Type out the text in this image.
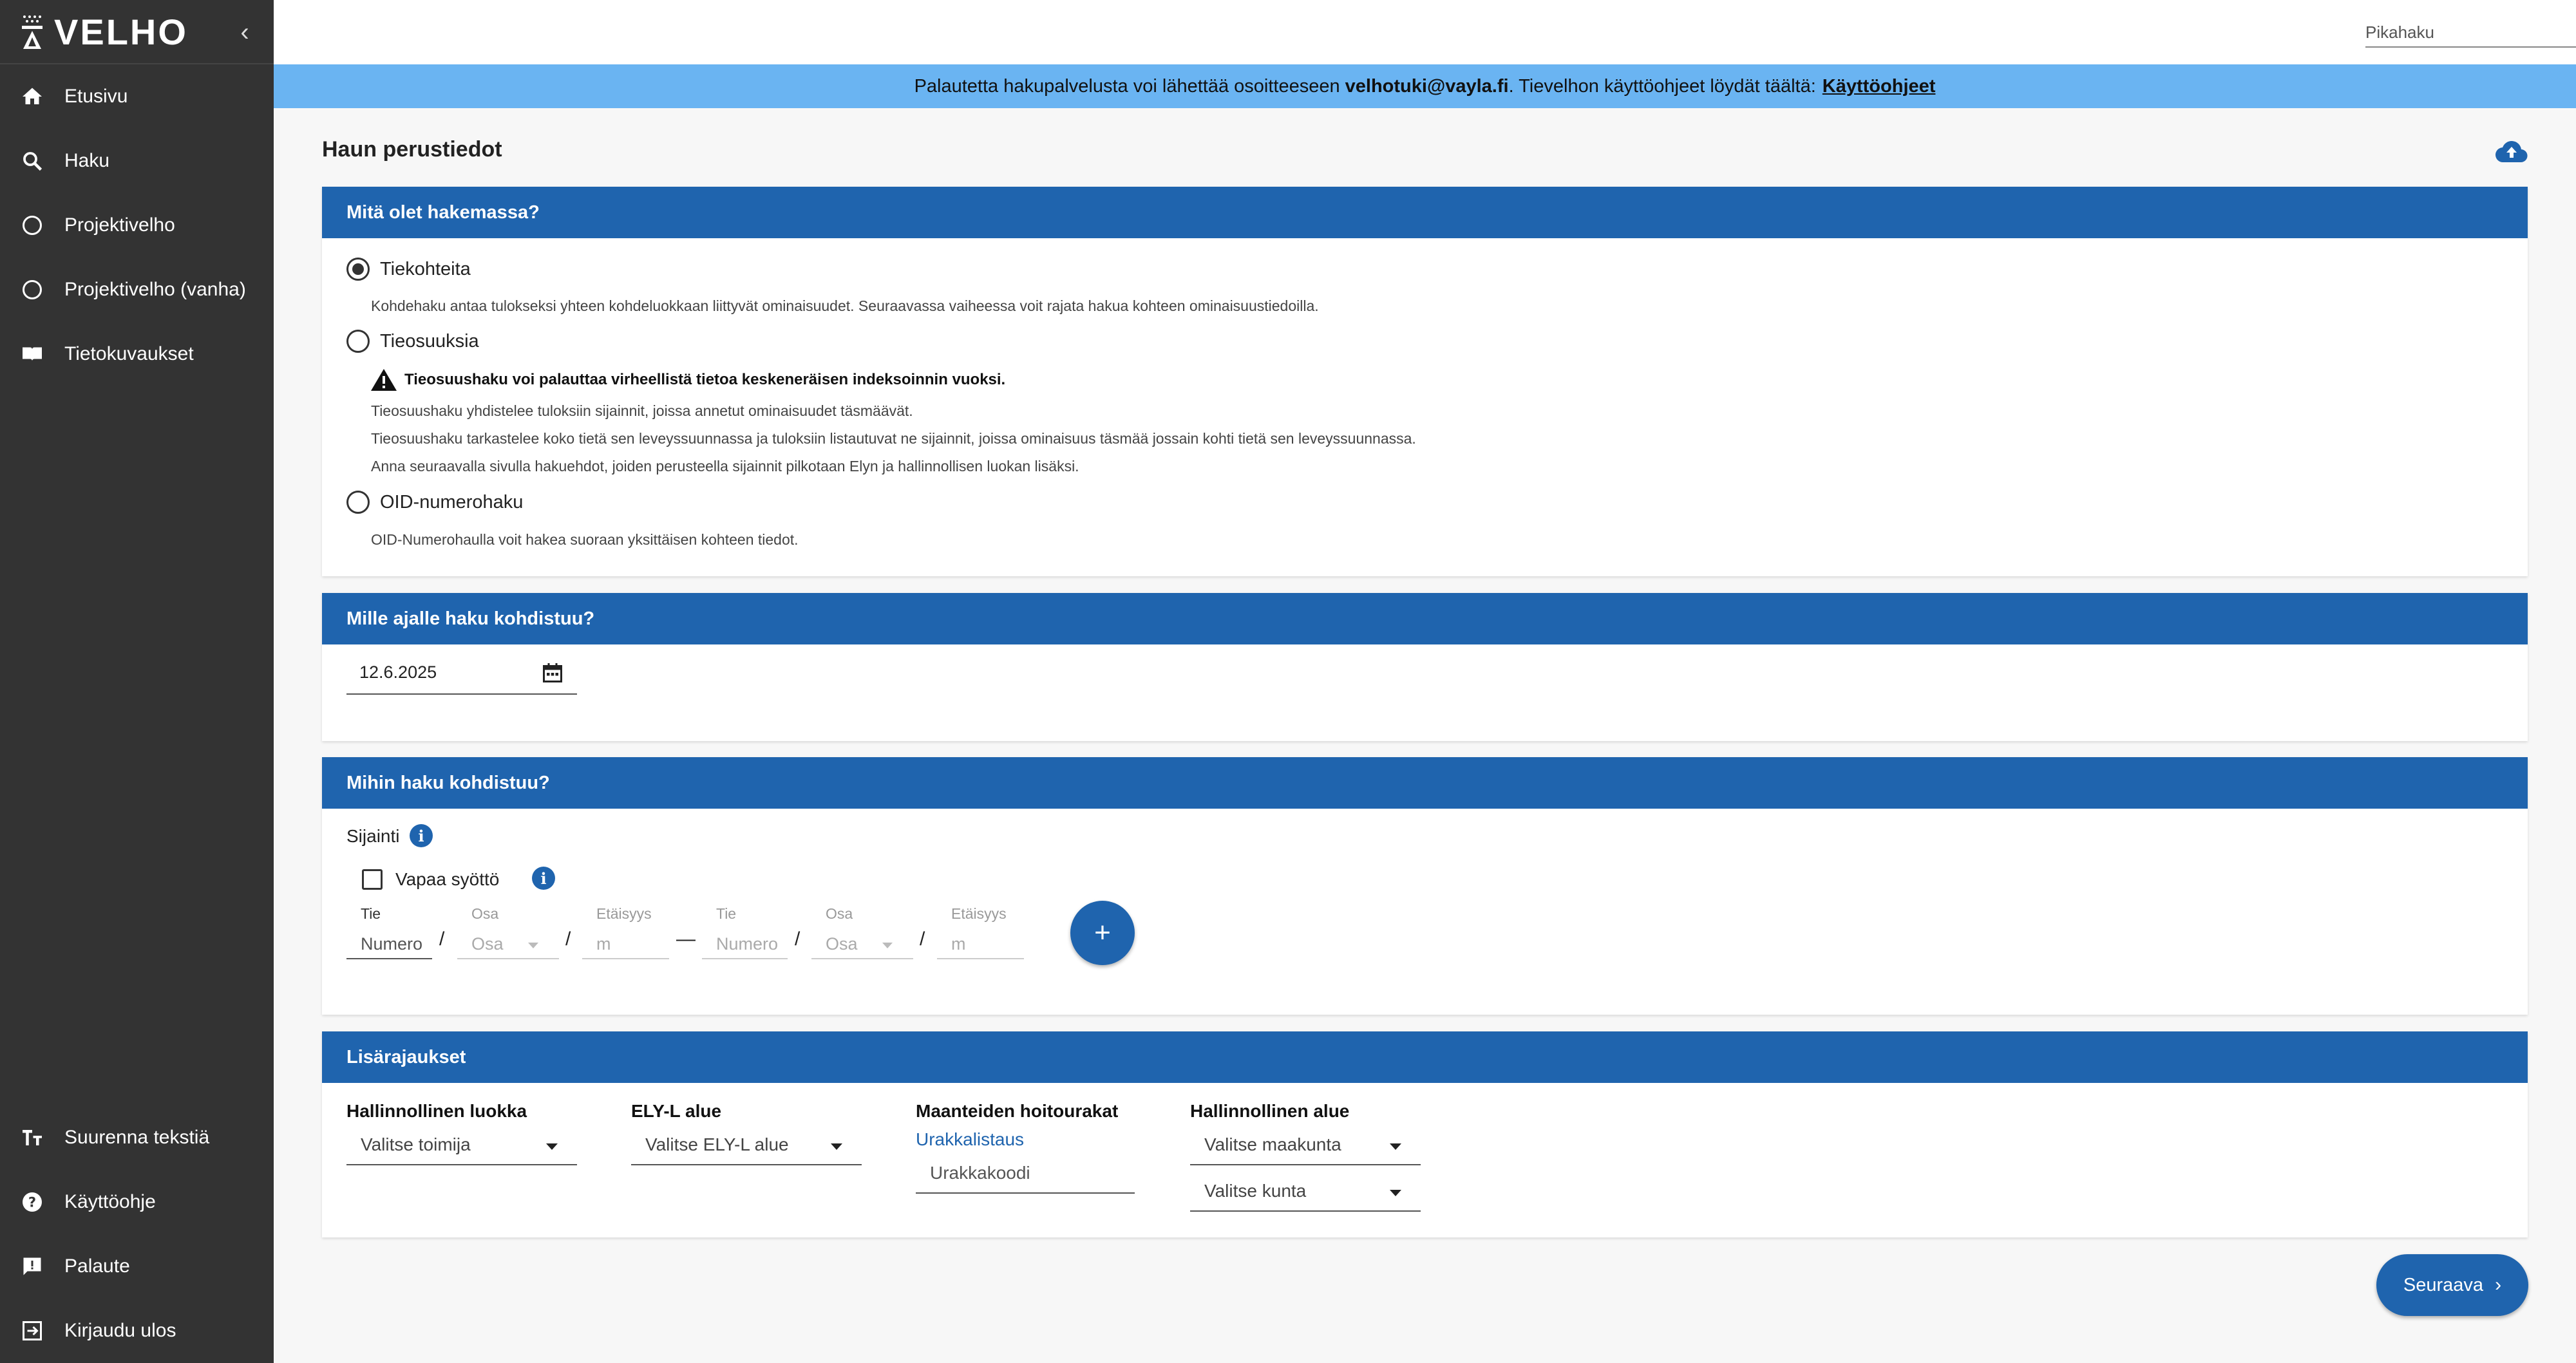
VELHO	‹
Etusivu
Haku
Projektivelho
Projektivelho (vanha)
Tietokuvaukset
Suurenna tekstiä
? Käyttöohje
Palaute
Kirjaudu ulos
Pikahaku
Palautetta hakupalvelusta voi lähettää osoitteeseen
velhotuki@vayla.fi . Tievelhon käyttöohjeet löydät täältä: Käyttöohjeet
Haun perustiedot
Mitä olet hakemassa?
Tiekohteita
Kohdehaku antaa tulokseksi yhteen kohdeluokkaan liittyvät ominaisuudet. Seuraavassa vaiheessa voit rajata hakua kohteen ominaisuustiedoilla.
Tieosuuksia
Tieosuushaku voi palauttaa virheellistä tietoa keskeneräisen indeksoinnin vuoksi.
Tieosuushaku yhdistelee tuloksiin sijainnit, joissa annetut ominaisuudet täsmäävät.
Tieosuushaku tarkastelee koko tietä sen leveyssuunnassa ja tuloksiin listautuvat ne sijainnit, joissa ominaisuus täsmää jossain kohti tietä sen leveyssuunnassa.
Anna seuraavalla sivulla hakuehdot, joiden perusteella sijainnit pilkotaan Elyn ja hallinnollisen luokan lisäksi.
OID-numerohaku
OID-Numerohaulla voit hakea suoraan yksittäisen kohteen tiedot.
Mille ajalle haku kohdistuu?
12.6.2025
Mihin haku kohdistuu?
Sijainti	i
Vapaa syöttö	i
Tie
Numero /
Osa
Osa	/
Etäisyys
m	—
Tie
Numero /
Osa
Osa	/
Etäisyys
m	+
Lisärajaukset
Hallinnollinen luokka
Valitse toimija
ELY-L alue
Valitse ELY-L alue
Maanteiden hoitourakat
Urakkalistaus
Urakkakoodi
Hallinnollinen alue
Valitse maakunta
Valitse kunta
Seuraava ›
